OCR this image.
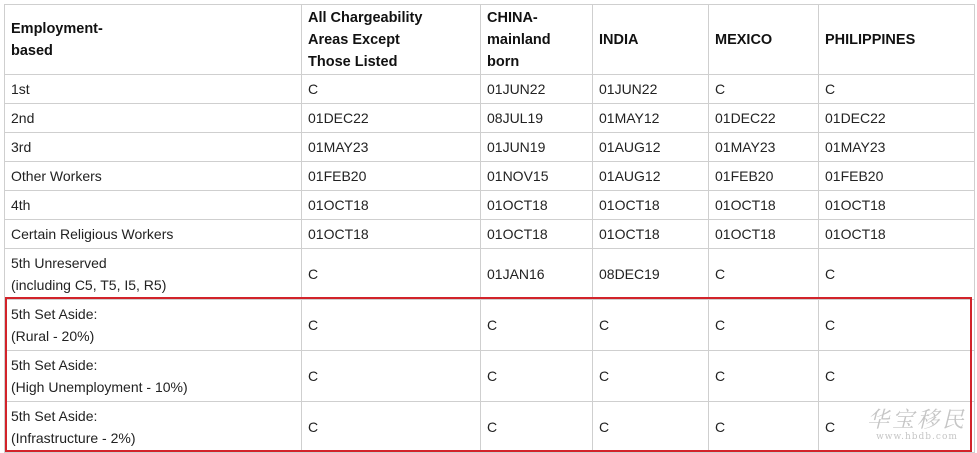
Employment-
based	All Chargeability
Areas Except
Those Listed	CHINA-
mainland
born	INDIA	MEXICO	PHILIPPINES
1st	C	01JUN22	01JUN22	C	C
2nd	01DEC22	08JUL19	01MAY12	01DEC22	01DEC22
3rd	01MAY23	01JUN19	01AUG12	01MAY23	01MAY23
Other Workers	01FEB20	01NOV15	01AUG12	01FEB20	01FEB20
4th	01OCT18	01OCT18	01OCT18	01OCT18	01OCT18
Certain Religious Workers	01OCT18	01OCT18	01OCT18	01OCT18	01OCT18
5th Unreserved
(including C5, T5, I5, R5)	C	01JAN16	08DEC19	C	C
5th Set Aside:
(Rural - 20%)	C	C	C	C	C
5th Set Aside:
(High Unemployment - 10%)	C	C	C	C	C
5th Set Aside:
(Infrastructure - 2%)	C	C	C	C	C 华宝移民
www.hbdb.com
